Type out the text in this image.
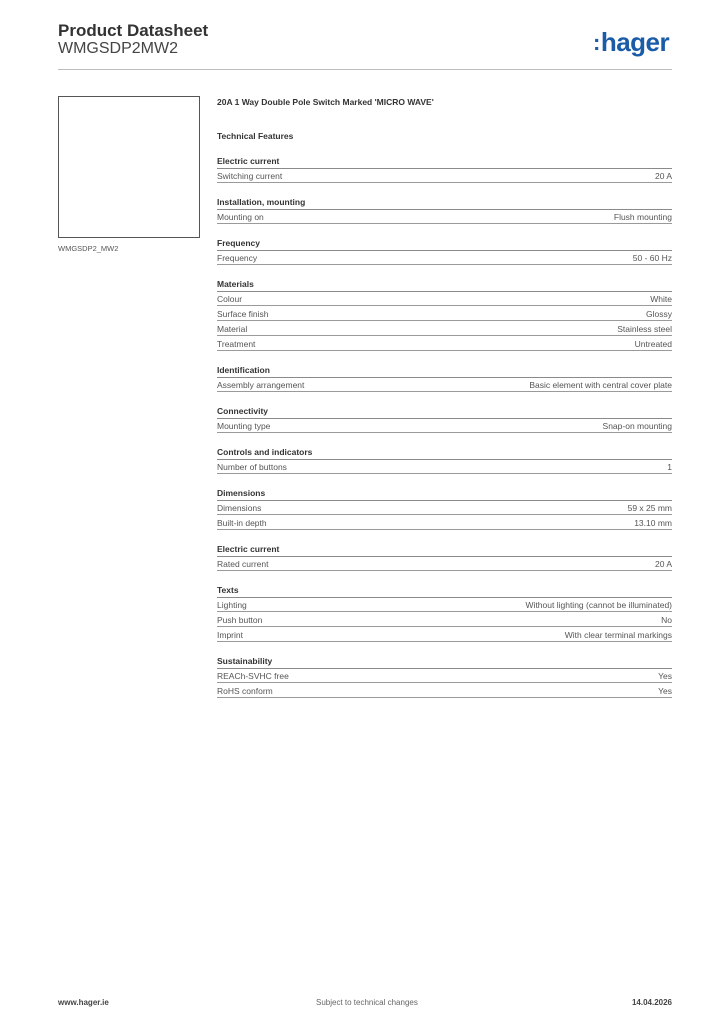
Product Datasheet
WMGSDP2MW2	:hager
WMGSDP2_MW2
20A 1 Way Double Pole Switch Marked 'MICRO WAVE'
Technical Features
Electric current
Switching current	20 A
Installation, mounting
Mounting on	Flush mounting
Frequency
Frequency	50 - 60 Hz
Materials
Colour	White
Surface finish	Glossy
Material	Stainless steel
Treatment	Untreated
Identification
Assembly arrangement	Basic element with central cover plate
Connectivity
Mounting type	Snap-on mounting
Controls and indicators
Number of buttons	1
Dimensions
Dimensions	59 x 25 mm
Built-in depth	13.10 mm
Electric current
Rated current	20 A
Texts
Lighting	Without lighting (cannot be illuminated)
Push button	No
Imprint	With clear terminal markings
Sustainability
REACh-SVHC free	Yes
RoHS conform	Yes
www.hager.ie	Subject to technical changes	14.04.2026
